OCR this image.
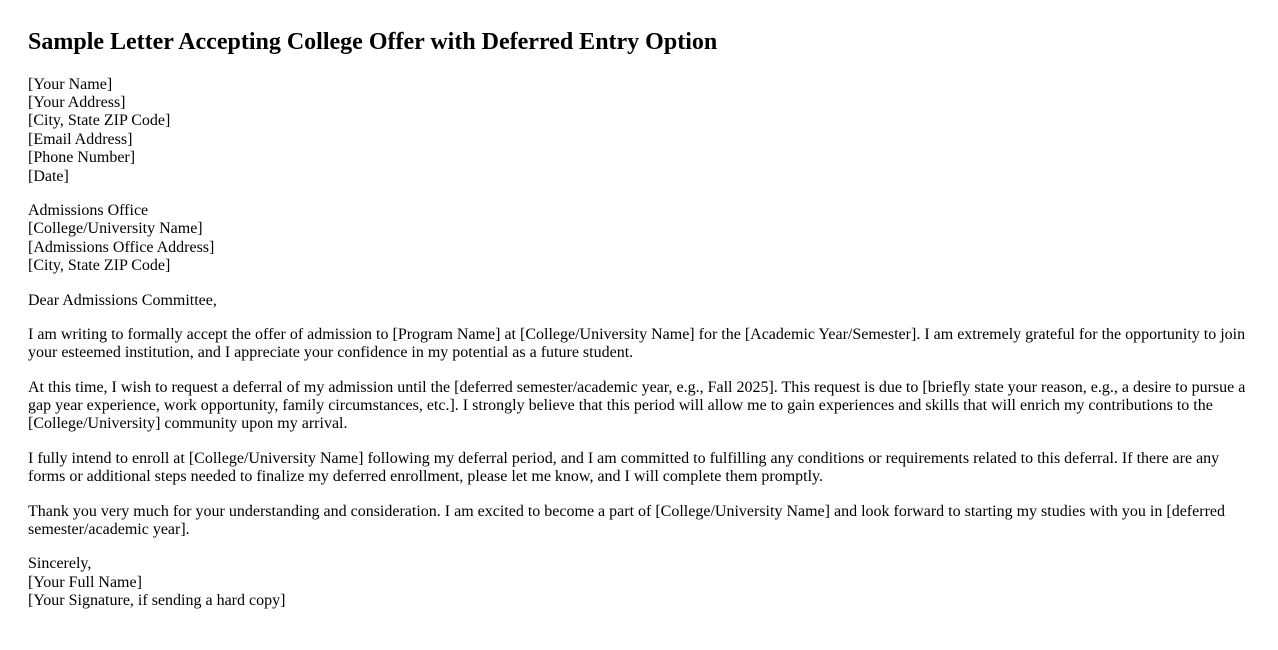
Sample Letter Accepting College Offer with Deferred Entry Option

[Your Name]
[Your Address]
[City, State ZIP Code]
[Email Address]
[Phone Number]
[Date]

Admissions Office
[College/University Name]
[Admissions Office Address]
[City, State ZIP Code]

Dear Admissions Committee,

I am writing to formally accept the offer of admission to [Program Name] at [College/University Name] for the [Academic Year/Semester]. I am extremely grateful for the opportunity to join your esteemed institution, and I appreciate your confidence in my potential as a future student.

At this time, I wish to request a deferral of my admission until the [deferred semester/academic year, e.g., Fall 2025]. This request is due to [briefly state your reason, e.g., a desire to pursue a gap year experience, work opportunity, family circumstances, etc.]. I strongly believe that this period will allow me to gain experiences and skills that will enrich my contributions to the [College/University] community upon my arrival.

I fully intend to enroll at [College/University Name] following my deferral period, and I am committed to fulfilling any conditions or requirements related to this deferral. If there are any forms or additional steps needed to finalize my deferred enrollment, please let me know, and I will complete them promptly.

Thank you very much for your understanding and consideration. I am excited to become a part of [College/University Name] and look forward to starting my studies with you in [deferred semester/academic year].

Sincerely,
[Your Full Name]
[Your Signature, if sending a hard copy]
